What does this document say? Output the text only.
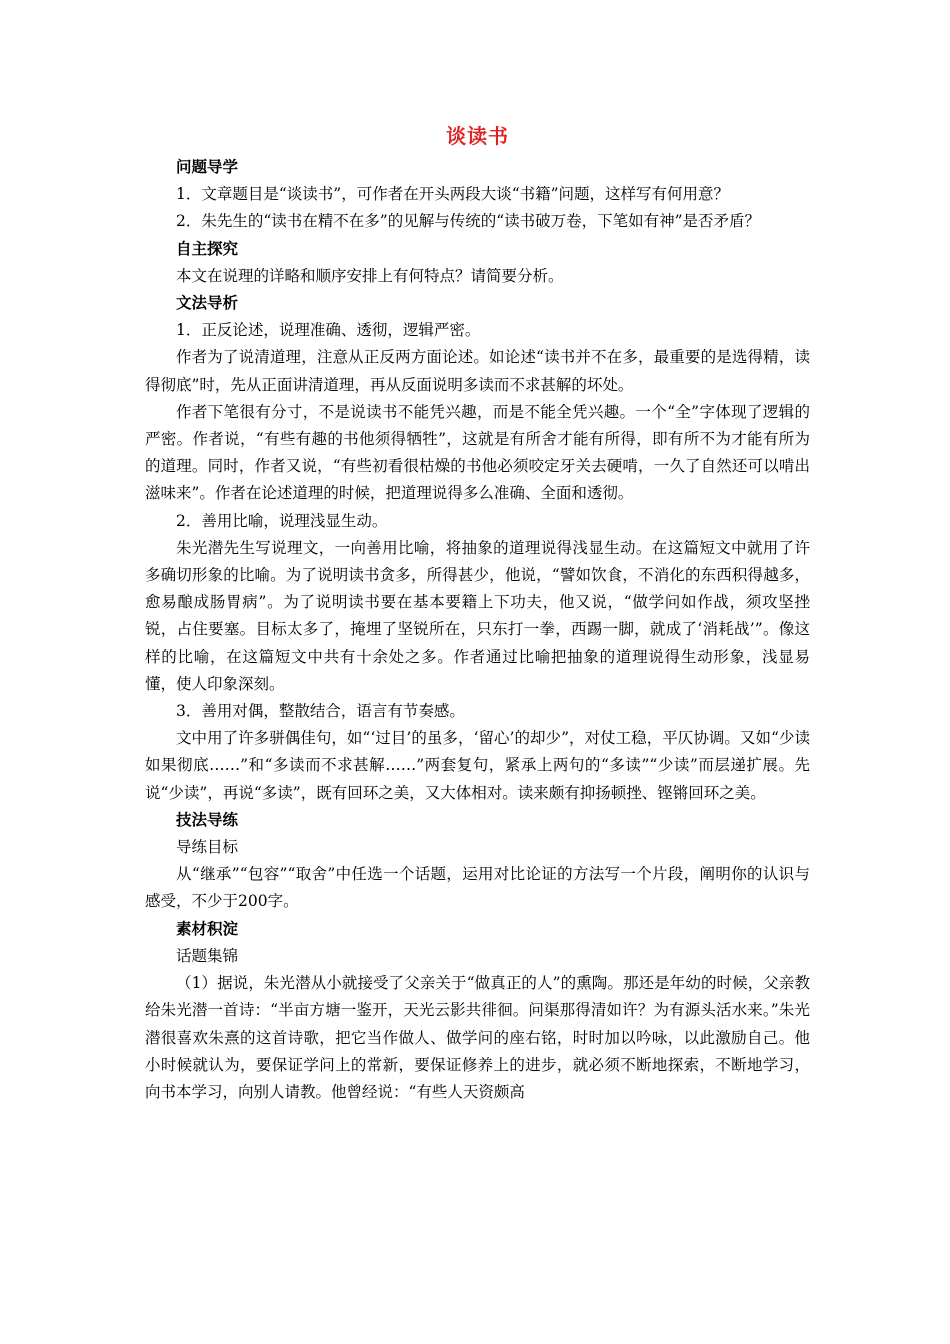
谈读书
问题导学

1．文章题目是“谈读书”，可作者在开头两段大谈“书籍”问题，这样写有何用意？

2．朱先生的“读书在精不在多”的见解与传统的“读书破万卷，下笔如有神”是否矛盾？

自主探究

本文在说理的详略和顺序安排上有何特点？请简要分析。

文法导析

1．正反论述，说理准确、透彻，逻辑严密。

作者为了说清道理，注意从正反两方面论述。如论述“读书并不在多，最重要的是选得精，读得彻底”时，先从正面讲清道理，再从反面说明多读而不求甚解的坏处。

作者下笔很有分寸，不是说读书不能凭兴趣，而是不能全凭兴趣。一个“全”字体现了逻辑的严密。作者说，“有些有趣的书他须得牺牲”，这就是有所舍才能有所得，即有所不为才能有所为的道理。同时，作者又说，“有些初看很枯燥的书他必须咬定牙关去硬啃，一久了自然还可以啃出滋味来”。作者在论述道理的时候，把道理说得多么准确、全面和透彻。

2．善用比喻，说理浅显生动。

朱光潜先生写说理文，一向善用比喻，将抽象的道理说得浅显生动。在这篇短文中就用了许多确切形象的比喻。为了说明读书贪多，所得甚少，他说，“譬如饮食，不消化的东西积得越多，愈易酿成肠胃病”。为了说明读书要在基本要籍上下功夫，他又说，“做学问如作战，须攻坚挫锐，占住要塞。目标太多了，掩埋了坚锐所在，只东打一拳，西踢一脚，就成了‘消耗战’”。像这样的比喻，在这篇短文中共有十余处之多。作者通过比喻把抽象的道理说得生动形象，浅显易懂，使人印象深刻。

3．善用对偶，整散结合，语言有节奏感。

文中用了许多骈偶佳句，如“‘过目’的虽多，‘留心’的却少”，对仗工稳，平仄协调。又如“少读如果彻底……”和“多读而不求甚解……”两套复句，紧承上两句的“多读”“少读”而层递扩展。先说“少读”，再说“多读”，既有回环之美，又大体相对。读来颇有抑扬顿挫、铿锵回环之美。

技法导练
导练目标

从“继承”“包容”“取舍”中任选一个话题，运用对比论证的方法写一个片段，阐明你的认识与感受，不少于200字。

素材积淀
话题集锦

（1）据说，朱光潜从小就接受了父亲关于“做真正的人”的熏陶。那还是年幼的时候，父亲教给朱光潜一首诗：“半亩方塘一鉴开，天光云影共徘徊。问渠那得清如许？为有源头活水来。”朱光潜很喜欢朱熹的这首诗歌，把它当作做人、做学问的座右铭，时时加以吟咏，以此激励自己。他小时候就认为，要保证学问上的常新，要保证修养上的进步，就必须不断地探索，不断地学习，向书本学习，向别人请教。他曾经说：“有些人天资颇高
